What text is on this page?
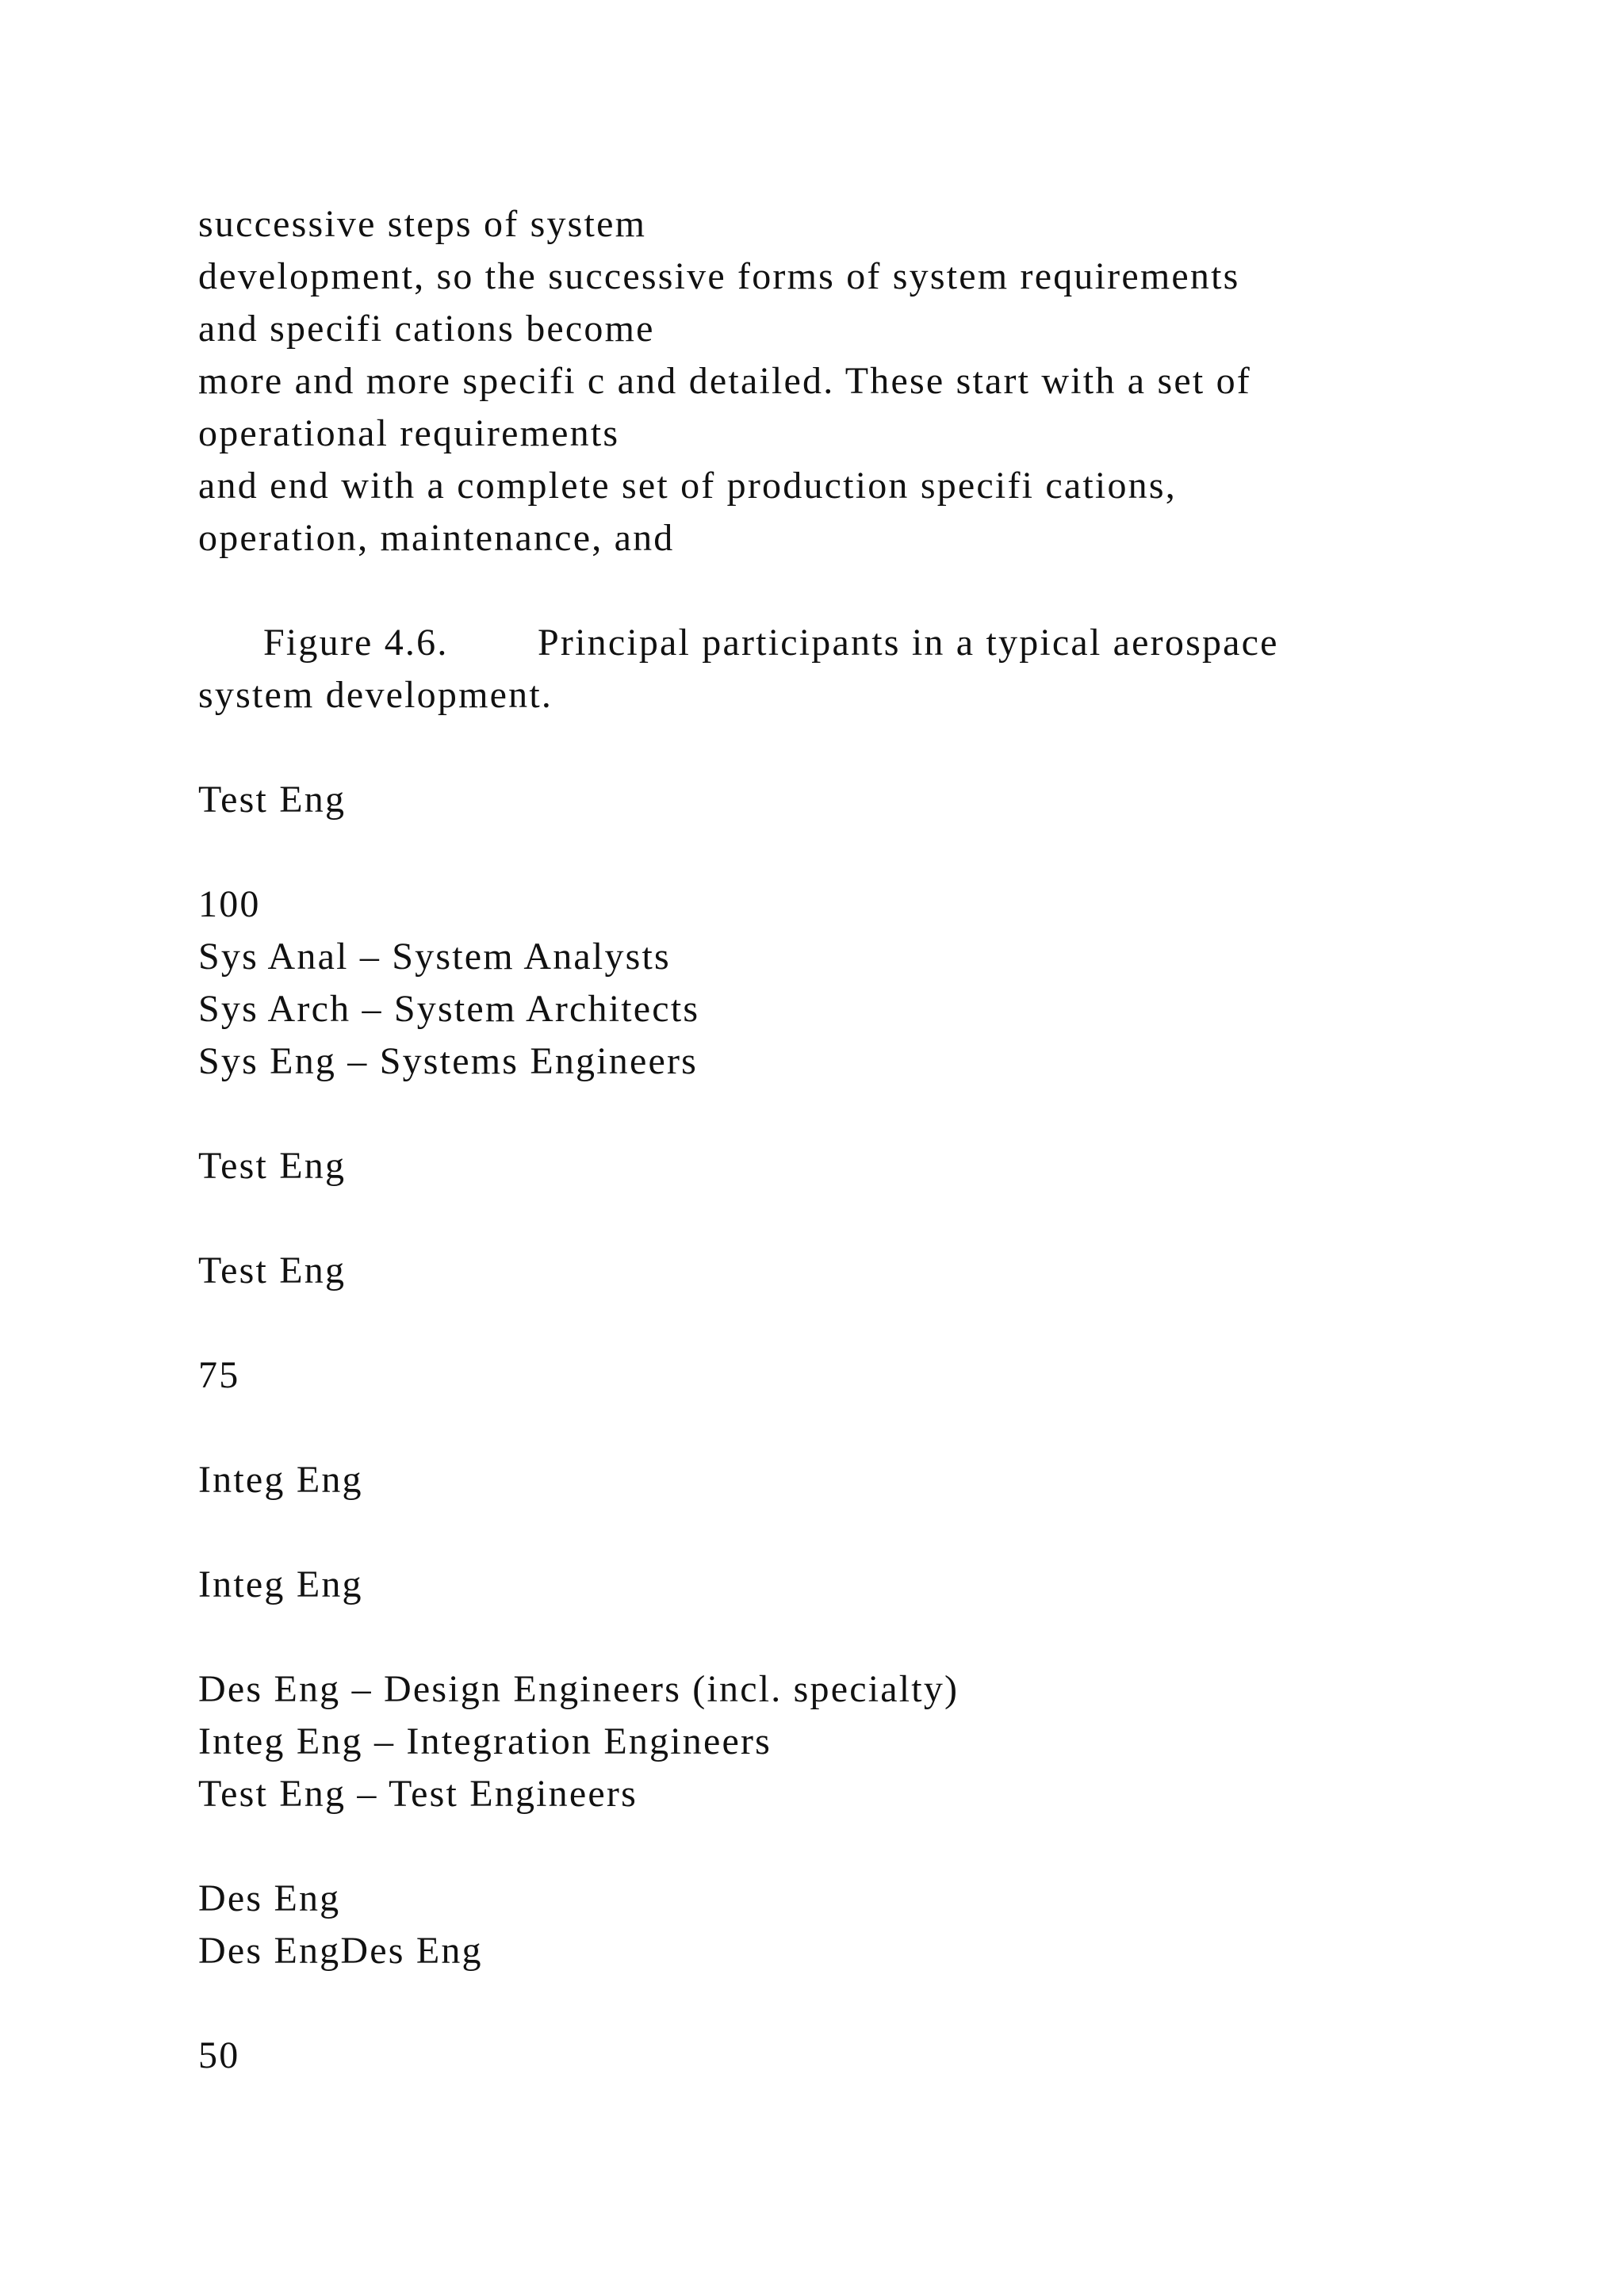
successive steps of system

development, so the successive forms of system requirements

and specifi cations become

more and more specifi c and detailed. These start with a set of

operational requirements

and end with a complete set of production specifi cations,

operation, maintenance, and

Figure 4.6. Principal participants in a typical aerospace
system development.

Test Eng

100

Sys Anal – System Analysts

Sys Arch – System Architects

Sys Eng – Systems Engineers

Test Eng

Test Eng

75

Integ Eng

Integ Eng

Des Eng – Design Engineers (incl. specialty)

Integ Eng – Integration Engineers

Test Eng – Test Engineers

Des Eng

Des EngDes Eng

50
